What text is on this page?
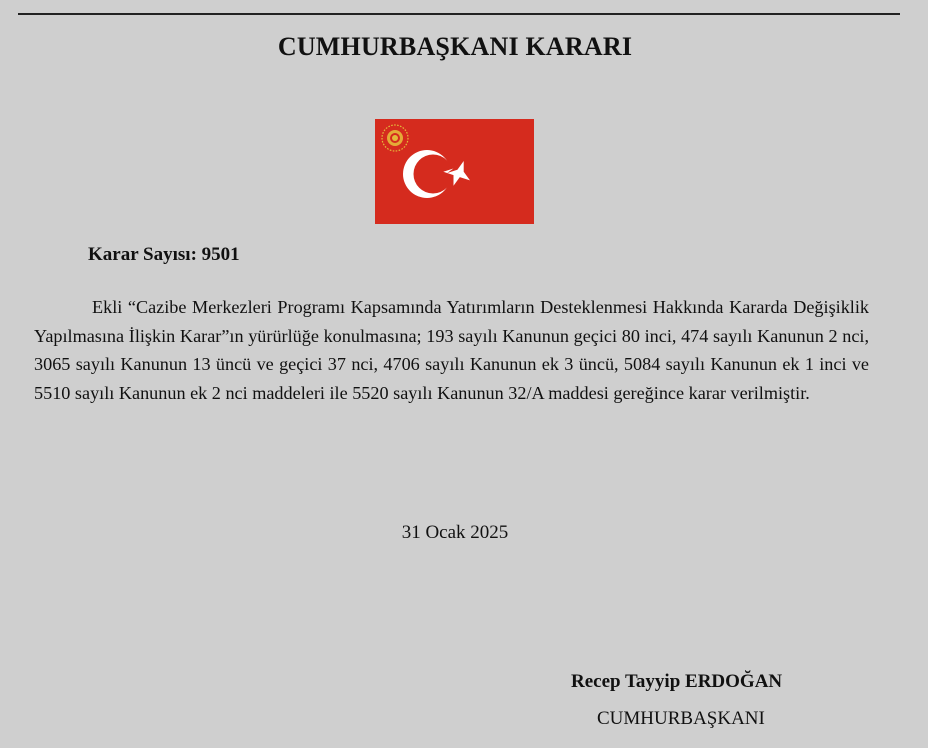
CUMHURBAŞKANI KARARI
Karar Sayısı: 9501

Ekli “Cazibe Merkezleri Programı Kapsamında Yatırımların Desteklenmesi Hakkında Kararda Değişiklik Yapılmasına İlişkin Karar”ın yürürlüğe konulmasına; 193 sayılı Kanunun geçici 80 inci, 474 sayılı Kanunun 2 nci, 3065 sayılı Kanunun 13 üncü ve geçici 37 nci, 4706 sayılı Kanunun ek 3 üncü, 5084 sayılı Kanunun ek 1 inci ve 5510 sayılı Kanunun ek 2 nci maddeleri ile 5520 sayılı Kanunun 32/A maddesi gereğince karar verilmiştir.

31 Ocak 2025
Recep Tayyip ERDOĞAN
CUMHURBAŞKANI
